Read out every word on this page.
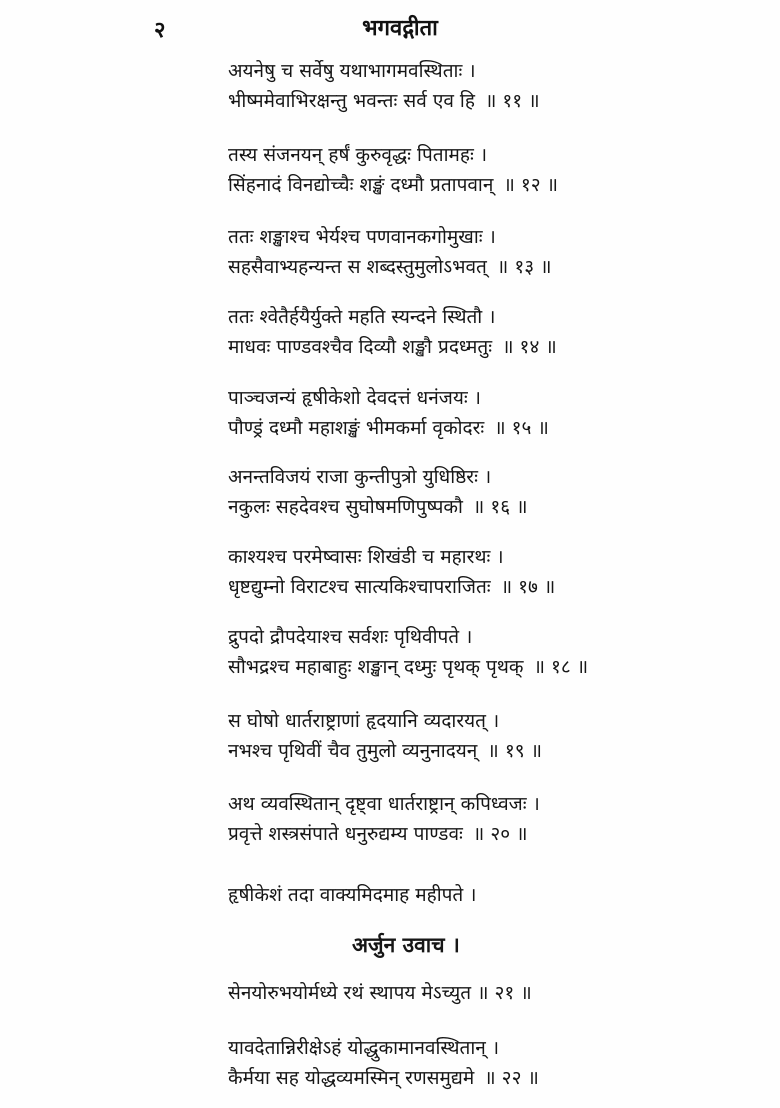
२	भगवद्गीता
अयनेषु च सर्वेषु यथाभागमवस्थिताः ।
भीष्ममेवाभिरक्षन्तु भवन्तः सर्व एव हि ॥ ११ ॥
तस्य संजनयन् हर्षं कुरुवृद्धः पितामहः ।
सिंहनादं विनद्योच्चैः शङ्खं दध्मौ प्रतापवान् ॥ १२ ॥
ततः शङ्खाश्च भेर्यश्च पणवानकगोमुखाः ।
सहसैवाभ्यहन्यन्त स शब्दस्तुमुलोऽभवत् ॥ १३ ॥
ततः श्वेतैर्हयैर्युक्ते महति स्यन्दने स्थितौ ।
माधवः पाण्डवश्चैव दिव्यौ शङ्खौ प्रदध्मतुः ॥ १४ ॥
पाञ्चजन्यं हृषीकेशो देवदत्तं धनंजयः ।
पौण्ड्रं दध्मौ महाशङ्खं भीमकर्मा वृकोदरः ॥ १५ ॥
अनन्तविजयं राजा कुन्तीपुत्रो युधिष्ठिरः ।
नकुलः सहदेवश्च सुघोषमणिपुष्पकौ ॥ १६ ॥
काश्यश्च परमेष्वासः शिखंडी च महारथः ।
धृष्टद्युम्नो विराटश्च सात्यकिश्चापराजितः ॥ १७ ॥
द्रुपदो द्रौपदेयाश्च सर्वशः पृथिवीपते ।
सौभद्रश्च महाबाहुः शङ्खान् दध्मुः पृथक् पृथक् ॥ १८ ॥
स घोषो धार्तराष्ट्राणां हृदयानि व्यदारयत् ।
नभश्च पृथिवीं चैव तुमुलो व्यनुनादयन् ॥ १९ ॥
अथ व्यवस्थितान् दृष्ट्वा धार्तराष्ट्रान् कपिध्वजः ।
प्रवृत्ते शस्त्रसंपाते धनुरुद्यम्य पाण्डवः ॥ २० ॥
हृषीकेशं तदा वाक्यमिदमाह महीपते ।
अर्जुन उवाच ।
सेनयोरुभयोर्मध्ये रथं स्थापय मेऽच्युत ॥ २१ ॥
यावदेतान्निरीक्षेऽहं योद्धुकामानवस्थितान् ।
कैर्मया सह योद्धव्यमस्मिन् रणसमुद्यमे ॥ २२ ॥
